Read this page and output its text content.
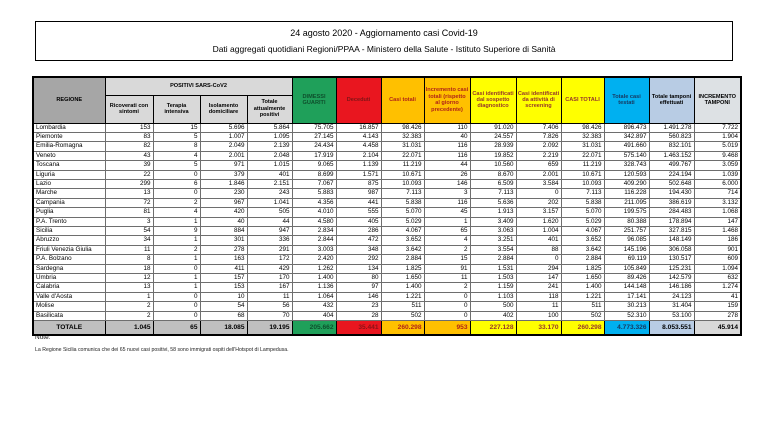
24 agosto 2020 - Aggiornamento casi Covid-19
Dati aggregati quotidiani Regioni/PPAA - Ministero della Salute - Istituto Superiore di Sanità
REGIONE	POSITIVI SARS-CoV2				DIMESSI GUARITI	Deceduti	Casi totali	Incremento casi totali (rispetto al giorno precedente)	Casi identificati dal sospetto diagnostico	Casi identificati da attività di screening	CASI TOTALI	Totale casi testati	Totale tamponi effettuati	INCREMENTO TAMPONI
	Ricoverati con sintomi	Terapia intensiva	Isolamento domiciliare	Totale attualmente positivi										
Lombardia	153	15	5.696	5.864	75.705	16.857	98.426	110	91.020	7.406	98.426	896.473	1.491.278	7.722
Piemonte	83	5	1.007	1.095	27.145	4.143	32.383	40	24.557	7.826	32.383	342.897	560.823	1.904
Emilia-Romagna	82	8	2.049	2.139	24.434	4.458	31.031	116	28.939	2.092	31.031	491.660	832.101	5.019
Veneto	43	4	2.001	2.048	17.919	2.104	22.071	116	19.852	2.219	22.071	575.140	1.463.152	9.468
Toscana	39	5	971	1.015	9.065	1.139	11.219	44	10.560	659	11.219	328.743	499.767	3.059
Liguria	22	0	379	401	8.699	1.571	10.671	26	8.670	2.001	10.671	120.593	224.194	1.039
Lazio	299	6	1.846	2.151	7.067	875	10.093	146	6.509	3.584	10.093	409.290	502.648	6.000
Marche	13	0	230	243	5.883	987	7.113	3	7.113	0	7.113	116.228	194.430	714
Campania	72	2	967	1.041	4.356	441	5.838	116	5.636	202	5.838	211.095	386.619	3.132
Puglia	81	4	420	505	4.010	555	5.070	45	1.913	3.157	5.070	199.575	284.483	1.068
P.A. Trento	3	1	40	44	4.580	405	5.029	1	3.409	1.620	5.029	80.388	178.894	147
Sicilia	54	9	884	947	2.834	286	4.067	65	3.063	1.004	4.067	251.757	327.815	1.468
Abruzzo	34	1	301	336	2.844	472	3.652	4	3.251	401	3.652	96.085	148.149	186
Friuli Venezia Giulia	11	2	278	291	3.003	348	3.642	2	3.554	88	3.642	145.196	306.058	901
P.A. Bolzano	8	1	163	172	2.420	292	2.884	15	2.884	0	2.884	69.119	130.517	609
Sardegna	18	0	411	429	1.262	134	1.825	91	1.531	294	1.825	105.849	125.231	1.094
Umbria	12	1	157	170	1.400	80	1.650	11	1.503	147	1.650	89.426	142.579	632
Calabria	13	1	153	167	1.136	97	1.400	2	1.159	241	1.400	144.148	146.186	1.274
Valle d'Aosta	1	0	10	11	1.064	146	1.221	0	1.103	118	1.221	17.141	24.123	41
Molise	2	0	54	56	432	23	511	0	500	11	511	30.213	31.404	159
Basilicata	2	0	68	70	404	28	502	0	402	100	502	52.310	53.100	278
TOTALE	1.045	65	18.085	19.195	205.662	35.441	260.298	953	227.128	33.170	260.298	4.773.326	8.053.551	45.914
Note:
La Regione Sicilia comunica che dei 65 nuovi casi positivi, 58 sono immigrati ospiti dell'Hotspot di Lampedusa.
